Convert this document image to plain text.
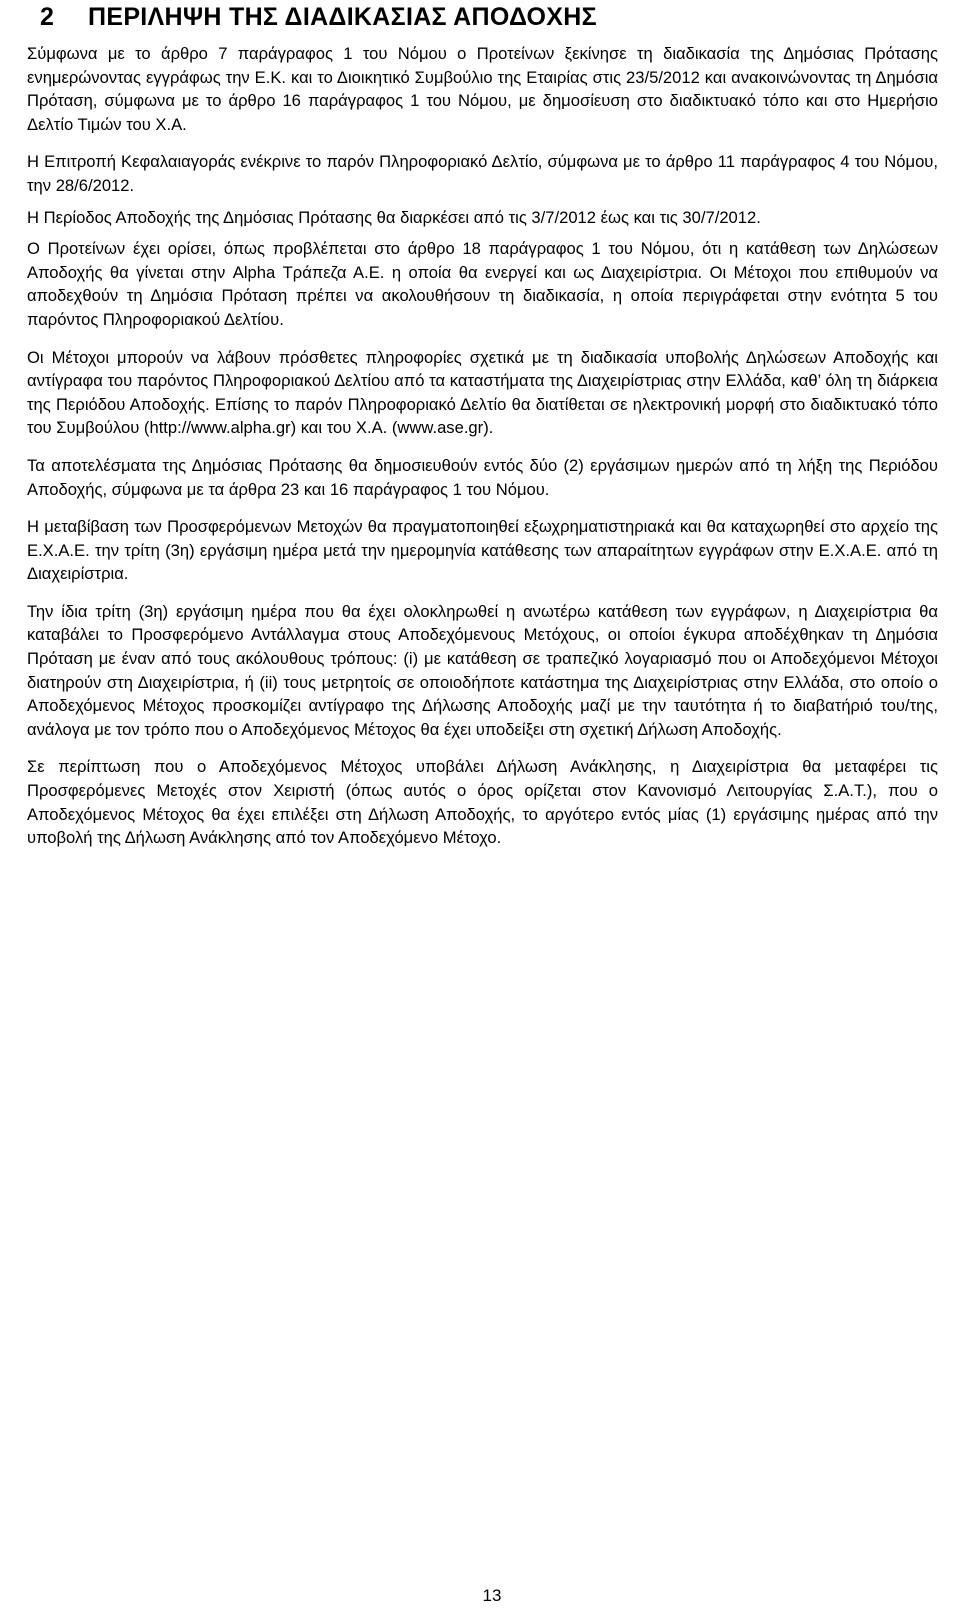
2	ΠΕΡΙΛΗΨΗ ΤΗΣ ΔΙΑΔΙΚΑΣΙΑΣ ΑΠΟΔΟΧΗΣ

Σύμφωνα με το άρθρο 7 παράγραφος 1 του Νόμου ο Προτείνων ξεκίνησε τη διαδικασία της Δημόσιας Πρότασης ενημερώνοντας εγγράφως την Ε.Κ. και το Διοικητικό Συμβούλιο της Εταιρίας στις 23/5/2012 και ανακοινώνοντας τη Δημόσια Πρόταση, σύμφωνα με το άρθρο 16 παράγραφος 1 του Νόμου, με δημοσίευση στο διαδικτυακό τόπο και στο Ημερήσιο Δελτίο Τιμών του Χ.Α.

Η Επιτροπή Κεφαλαιαγοράς ενέκρινε το παρόν Πληροφοριακό Δελτίο, σύμφωνα με το άρθρο 11 παράγραφος 4 του Νόμου, την 28/6/2012.

Η Περίοδος Αποδοχής της Δημόσιας Πρότασης θα διαρκέσει από τις 3/7/2012 έως και τις 30/7/2012.

Ο Προτείνων έχει ορίσει, όπως προβλέπεται στο άρθρο 18 παράγραφος 1 του Νόμου, ότι η κατάθεση των Δηλώσεων Αποδοχής θα γίνεται στην Alpha Τράπεζα Α.Ε. η οποία θα ενεργεί και ως Διαχειρίστρια. Οι Μέτοχοι που επιθυμούν να αποδεχθούν τη Δημόσια Πρόταση πρέπει να ακολουθήσουν τη διαδικασία, η οποία περιγράφεται στην ενότητα 5 του παρόντος Πληροφοριακού Δελτίου.

Οι Μέτοχοι μπορούν να λάβουν πρόσθετες πληροφορίες σχετικά με τη διαδικασία υποβολής Δηλώσεων Αποδοχής και αντίγραφα του παρόντος Πληροφοριακού Δελτίου από τα καταστήματα της Διαχειρίστριας στην Ελλάδα, καθ’ όλη τη διάρκεια της Περιόδου Αποδοχής. Επίσης το παρόν Πληροφοριακό Δελτίο θα διατίθεται σε ηλεκτρονική μορφή στο διαδικτυακό τόπο του Συμβούλου (http://www.alpha.gr) και του Χ.Α. (www.ase.gr).

Τα αποτελέσματα της Δημόσιας Πρότασης θα δημοσιευθούν εντός δύο (2) εργάσιμων ημερών από τη λήξη της Περιόδου Αποδοχής, σύμφωνα με τα άρθρα 23 και 16 παράγραφος 1 του Νόμου.

Η μεταβίβαση των Προσφερόμενων Μετοχών θα πραγματοποιηθεί εξωχρηματιστηριακά και θα καταχωρηθεί στο αρχείο της Ε.Χ.Α.Ε. την τρίτη (3η) εργάσιμη ημέρα μετά την ημερομηνία κατάθεσης των απαραίτητων εγγράφων στην Ε.Χ.Α.Ε. από τη Διαχειρίστρια.

Την ίδια τρίτη (3η) εργάσιμη ημέρα που θα έχει ολοκληρωθεί η ανωτέρω κατάθεση των εγγράφων, η Διαχειρίστρια θα καταβάλει το Προσφερόμενο Αντάλλαγμα στους Αποδεχόμενους Μετόχους, οι οποίοι έγκυρα αποδέχθηκαν τη Δημόσια Πρόταση με έναν από τους ακόλουθους τρόπους: (i) με κατάθεση σε τραπεζικό λογαριασμό που οι Αποδεχόμενοι Μέτοχοι διατηρούν στη Διαχειρίστρια, ή (ii) τους μετρητοίς σε οποιοδήποτε κατάστημα της Διαχειρίστριας στην Ελλάδα, στο οποίο ο Αποδεχόμενος Μέτοχος προσκομίζει αντίγραφο της Δήλωσης Αποδοχής μαζί με την ταυτότητα ή το διαβατήριό του/της, ανάλογα με τον τρόπο που ο Αποδεχόμενος Μέτοχος θα έχει υποδείξει στη σχετική Δήλωση Αποδοχής.

Σε περίπτωση που ο Αποδεχόμενος Μέτοχος υποβάλει Δήλωση Ανάκλησης, η Διαχειρίστρια θα μεταφέρει τις Προσφερόμενες Μετοχές στον Χειριστή (όπως αυτός ο όρος ορίζεται στον Κανονισμό Λειτουργίας Σ.Α.Τ.), που ο Αποδεχόμενος Μέτοχος θα έχει επιλέξει στη Δήλωση Αποδοχής, το αργότερο εντός μίας (1) εργάσιμης ημέρας από την υποβολή της Δήλωση Ανάκλησης από τον Αποδεχόμενο Μέτοχο.

13
